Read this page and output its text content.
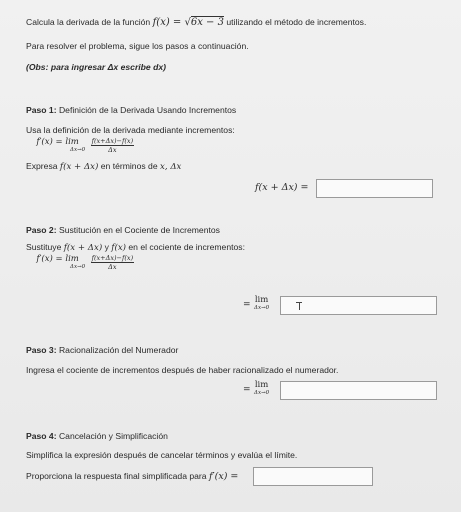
Calcula la derivada de la función f(x) = √6x − 3 utilizando el método de incrementos.
Para resolver el problema, sigue los pasos a continuación.
(Obs: para ingresar Δx escribe dx)
Paso 1: Definición de la Derivada Usando Incrementos
Usa la definición de la derivada mediante incrementos:
f′(x) = lim
Δx→0
$\frac{f(x+\Delta x)-f(x)}{\Delta x}$
Expresa f(x + Δx) en términos de x, Δx
f(x + Δx) =
Paso 2: Sustitución en el Cociente de Incrementos
Sustituye f(x + Δx) y f(x) en el cociente de incrementos:
f′(x) = lim
Δx→0
$\frac{f(x+\Delta x)-f(x)}{\Delta x}$
= lim
Δx→0
Paso 3: Racionalización del Numerador
Ingresa el cociente de incrementos después de haber racionalizado el numerador.
= lim
Δx→0
Paso 4: Cancelación y Simplificación
Simplifica la expresión después de cancelar términos y evalúa el límite.
Proporciona la respuesta final simplificada para f′(x) =
